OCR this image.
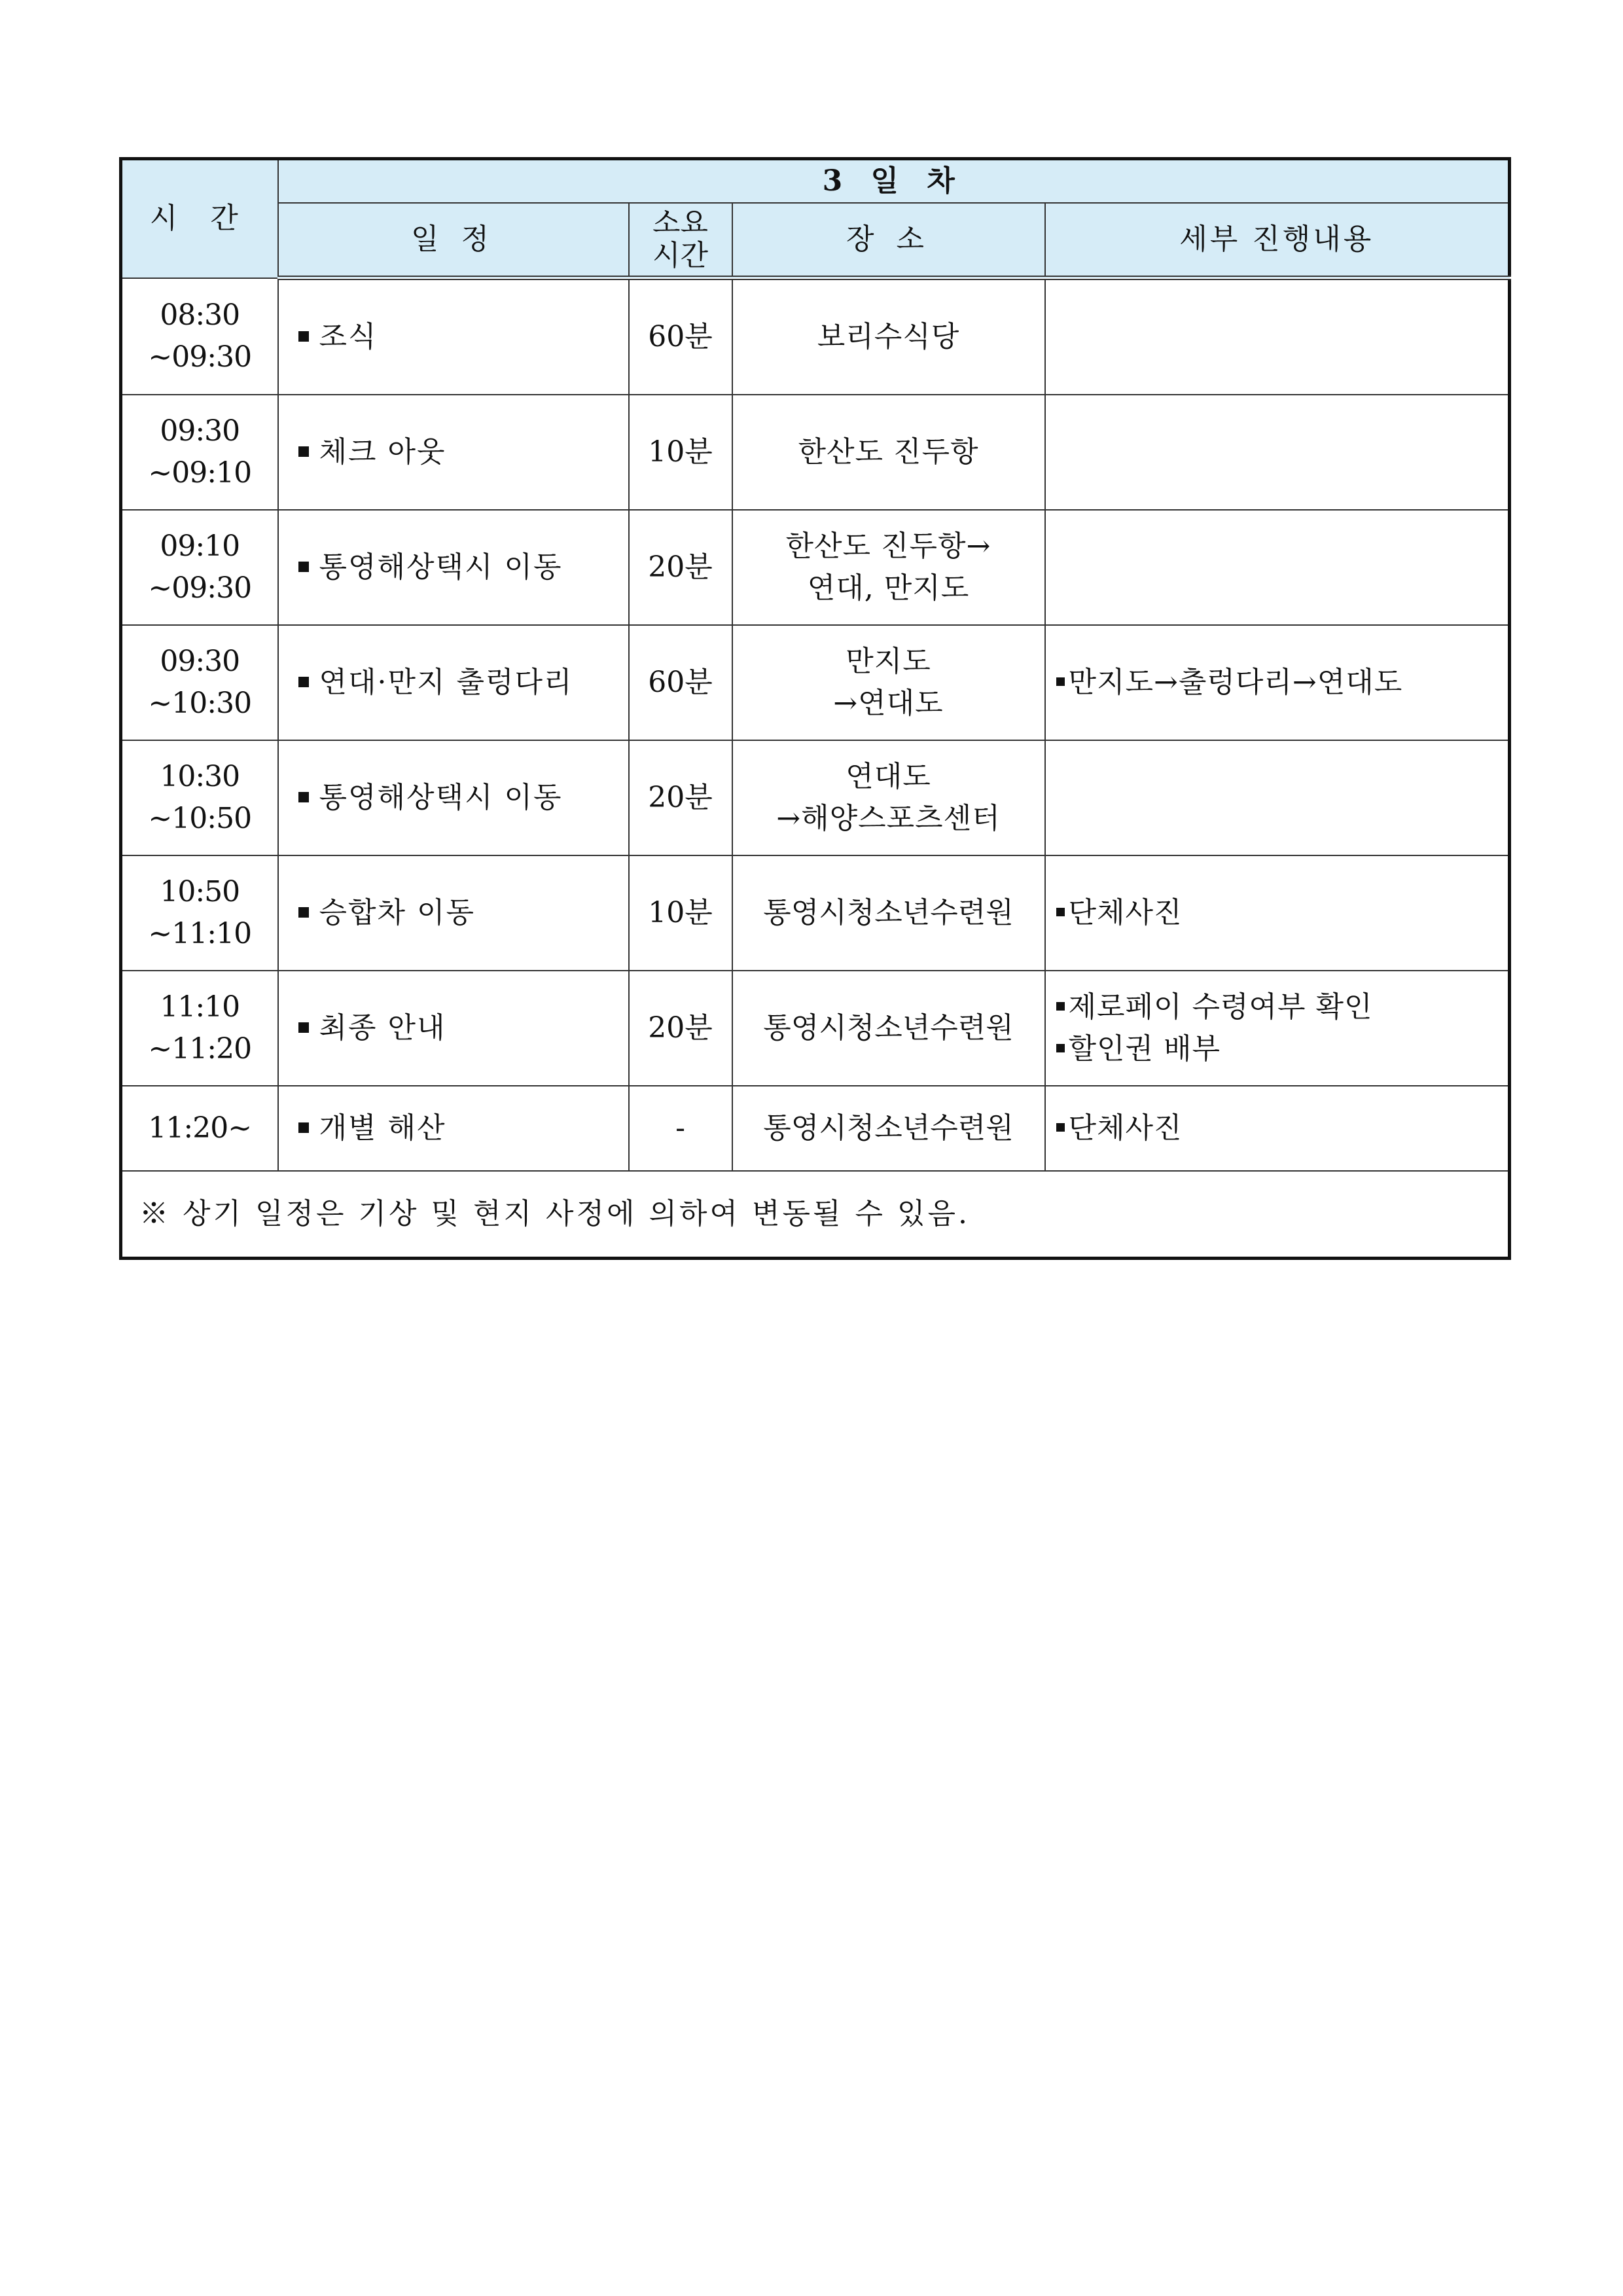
시 간	3 일 차			
	일 정	소요
시간	장 소	세부 진행내용

08:30
~09:30	조식	60분	보리수식당	

09:30
~09:10	체크 아웃	10분	한산도 진두항	

09:10
~09:30	통영해상택시 이동	20분	한산도 진두항→
연대, 만지도	

09:30
~10:30	연대·만지 출렁다리	60분	만지도
→연대도	만지도→출렁다리→연대도

10:30
~10:50	통영해상택시 이동	20분	연대도
→해양스포츠센터	

10:50
~11:10	승합차 이동	10분	통영시청소년수련원	단체사진

11:10
~11:20	최종 안내	20분	통영시청소년수련원	제로페이 수령여부 확인
할인권 배부

11:20~	개별 해산	-	통영시청소년수련원	단체사진

※ 상기 일정은 기상 및 현지 사정에 의하여 변동될 수 있음.				
